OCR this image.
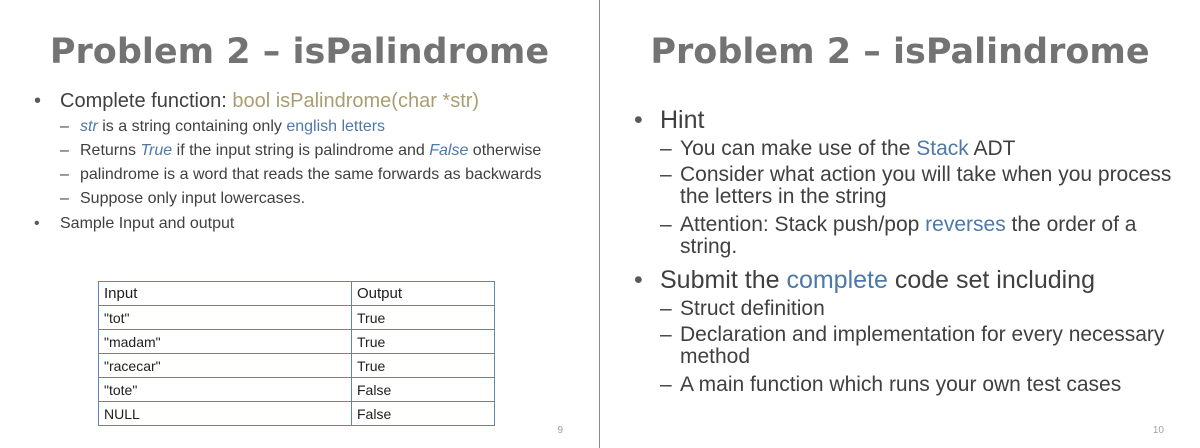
Problem 2 – isPalindrome
• Complete function: bool isPalindrome(char *str)
– str is a string containing only english letters
– Returns True if the input string is palindrome and False otherwise
– palindrome is a word that reads the same forwards as backwards
– Suppose only input lowercases.
• Sample Input and output
Input	Output
"tot"	True
"madam"	True
"racecar"	True
"tote"	False
NULL	False
9
Problem 2 – isPalindrome
• Hint
– You can make use of the Stack ADT
– Consider what action you will take when you process the letters in the string
– Attention: Stack push/pop reverses the order of a string.
• Submit the complete code set including
– Struct definition
– Declaration and implementation for every necessary method
– A main function which runs your own test cases
10
